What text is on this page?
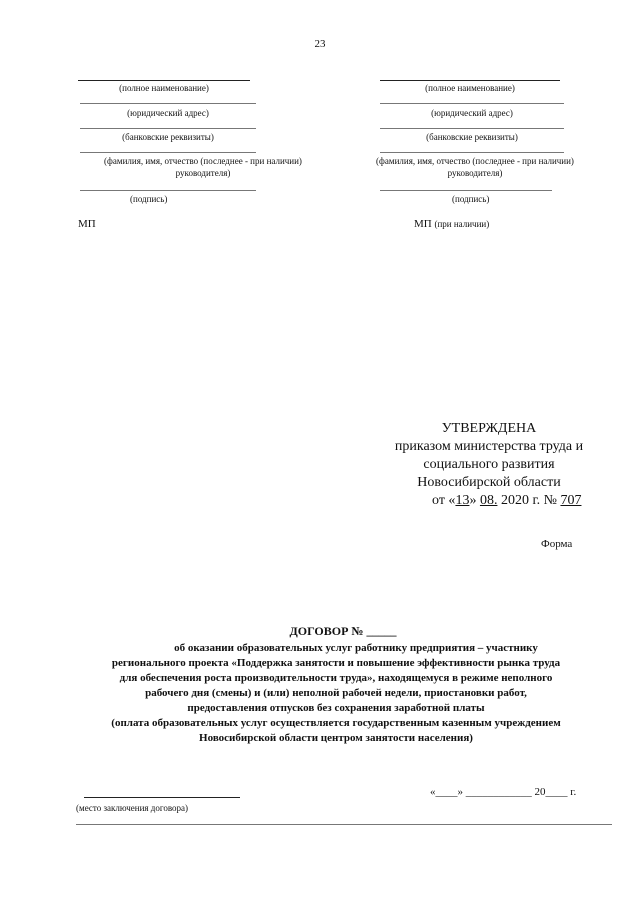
23
(полное наименование)
(юридический адрес)
(банковские реквизиты)
(фамилия, имя, отчество (последнее - при наличии)
руководителя)
(подпись)
МП
(полное наименование)
(юридический адрес)
(банковские реквизиты)
(фамилия, имя, отчество (последнее - при наличии)
руководителя)
(подпись)
МП (при наличии)
УТВЕРЖДЕНА
приказом министерства труда и
социального развития
Новосибирской области
от «13» 08. 2020 г. № 707
Форма
ДОГОВОР № _____
об оказании образовательных услуг работнику предприятия – участнику
регионального проекта «Поддержка занятости и повышение эффективности рынка труда
для обеспечения роста производительности труда», находящемуся в режиме неполного
рабочего дня (смены) и (или) неполной рабочей недели, приостановки работ,
предоставления отпусков без сохранения заработной платы
(оплата образовательных услуг осуществляется государственным казенным учреждением
Новосибирской области центром занятости населения)
(место заключения договора)
«____» ____________ 20____ г.
